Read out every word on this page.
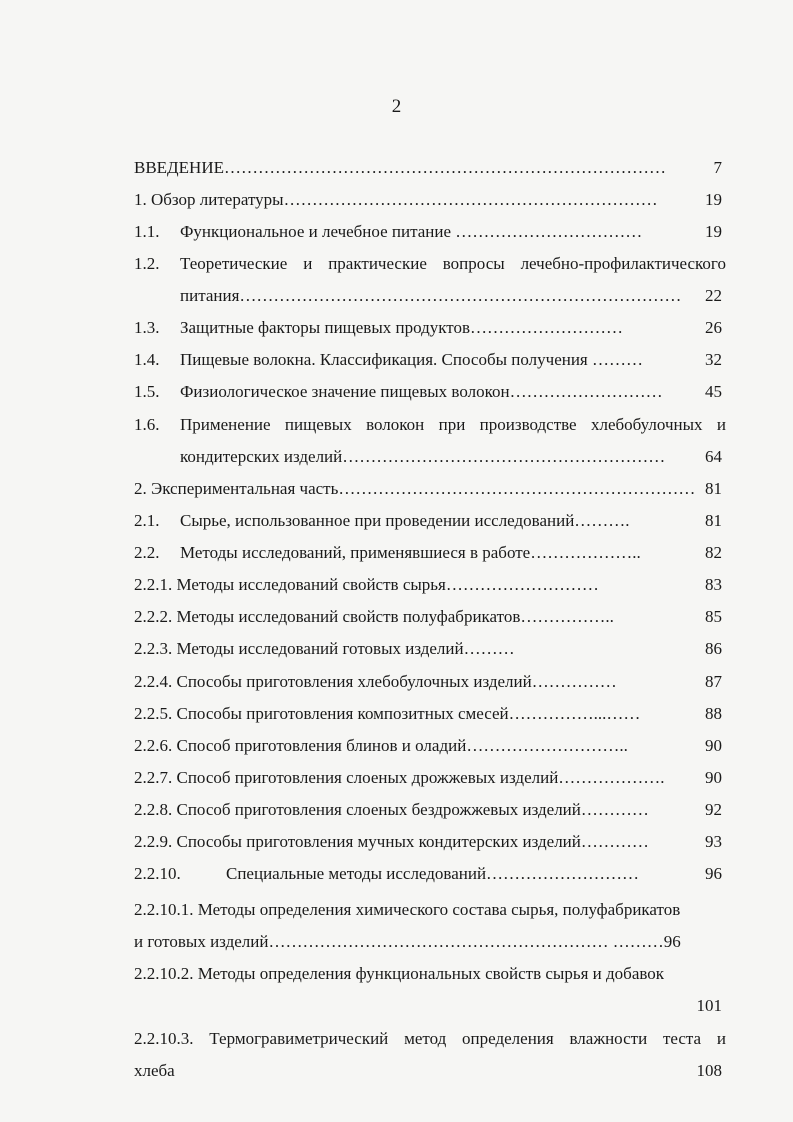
2
ВВЕДЕНИЕ……………………………………………………………………	7
1. Обзор литературы…………………………………………………………	19
1.1. Функциональное и лечебное питание ……………………………	19
1.2. Теоретические и практические вопросы лечебно-профилактического
питания……………………………………………………………………	22
1.3. Защитные факторы пищевых продуктов………………………	26
1.4. Пищевые волокна. Классификация. Способы получения ………	32
1.5. Физиологическое значение пищевых волокон………………………	45
1.6. Применение пищевых волокон при производстве хлебобулочных и
кондитерских изделий…………………………………………………	64
2. Экспериментальная часть……………………………………………………… 81
2.1. Сырье, использованное при проведении исследований……….	81
2.2. Методы исследований, применявшиеся в работе………………..	82
2.2.1. Методы исследований свойств сырья………………………	83
2.2.2. Методы исследований свойств полуфабрикатов……………..	85
2.2.3. Методы исследований готовых изделий………	86
2.2.4. Способы приготовления хлебобулочных изделий……………	87
2.2.5. Способы приготовления композитных смесей……………...……	88
2.2.6. Способ приготовления блинов и оладий………………………..	90
2.2.7. Способ приготовления слоеных дрожжевых изделий……………….	90
2.2.8. Способ приготовления слоеных бездрожжевых изделий…………	92
2.2.9. Способы приготовления мучных кондитерских изделий…………	93
2.2.10.	Специальные методы исследований………………………	96
2.2.10.1. Методы определения химического состава сырья, полуфабрикатов
и готовых изделий…………………………………………………… ………96
2.2.10.2. Методы определения функциональных свойств сырья и добавок
101
2.2.10.3. Термогравиметрический метод определения влажности теста и
хлеба	108
